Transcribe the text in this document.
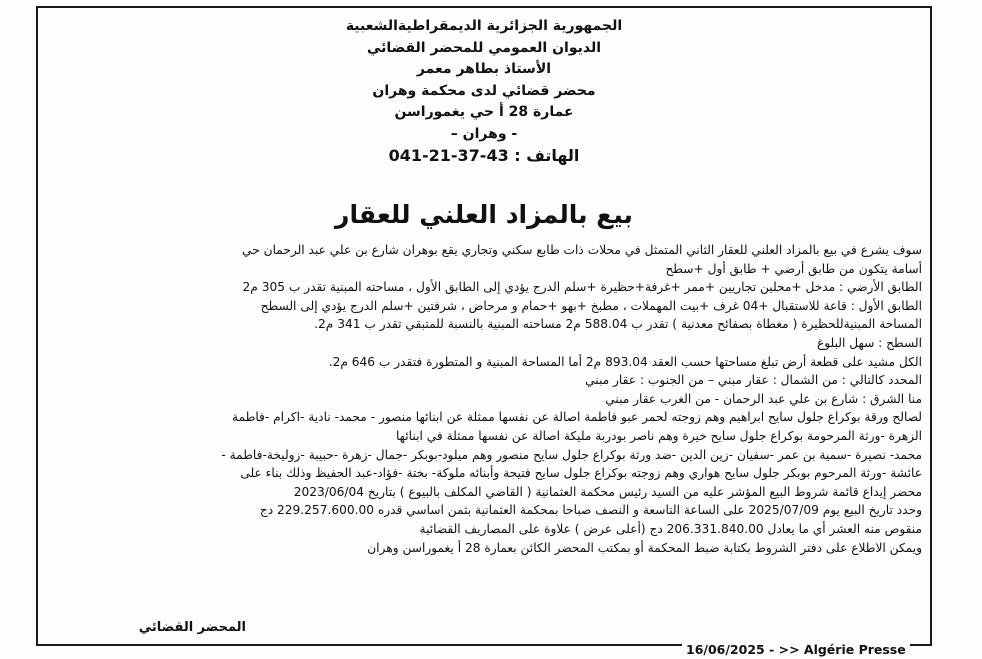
الجمهورية الجزائرية الديمقراطيةالشعبية
الديوان العمومي للمحضر القضائي
الأستاذ بطاهر معمر
محضر قضائي لدى محكمة وهران
عمارة 28 أ حي يغموراسن
- وهران –
الهاتف : 041-21-37-43
بيع بالمزاد العلني للعقار
سوف يشرع في بيع بالمزاد العلني للعقار الثاني المتمثل في محلات ذات طابع سكني وتجاري يقع بوهران شارع بن علي عبد الرحمان حي
أسامة يتكون من طابق أرضي + طابق أول +سطح
الطابق الأرضي : مدخل +محلين تجاريين +ممر +غرفة+حظيرة +سلم الدرج يؤدي إلى الطابق الأول ، مساحته المبنية تقدر ب 305 م2
الطابق الأول : قاعة للاستقبال +04 غرف +بيت المهملات ، مطبخ +بهو +حمام و مرحاض ، شرفتين +سلم الدرج يؤدي إلى السطح
المساحة المبنيةللحظيرة ( مغطاة بصفائح معدنية ) تقدر ب 588.04 م2 مساحته المبنية بالنسبة للمتبقي تقدر ب 341 م2.
السطح : سهل البلوغ
الكل مشيد على قطعة أرض تبلغ مساحتها حسب العقد 893.04 م2 أما المساحة المبنية و المتطورة فتقدر ب 646 م2.
المحدد كالتالي : من الشمال : عقار مبني – من الجنوب : عقار مبني
منا الشرق : شارع بن علي عبد الرحمان - من الغرب عقار مبني
لصالح ورقة بوكراع جلول سايح ابراهيم وهم زوجته لحمر عبو فاطمة اصالة عن نفسها ممثلة عن ابنائها منصور - محمد- نادية -اكرام -فاطمة
الزهرة -ورثة المرحومة بوكراع جلول سايح خيرة وهم ناصر بودربة مليكة اصالة عن نفسها ممثلة في ابنائها
محمد- نصيرة -سمية بن عمر -سفيان -زين الدين -ضد ورثة بوكراع جلول سايح منصور وهم ميلود-بوبكر -جمال -زهرة -حبيبة -زوليخة-فاطمة -
عائشة -ورثة المرحوم بوبكر جلول سايح هواري وهم زوجته بوكراع جلول سايح فتيحة وأبنائه ملوكة- بختة -فؤاد-عبد الحفيظ وذلك بناء على
محضر إيداع قائمة شروط البيع المؤشر عليه من السيد رئيس محكمة العثمانية ( القاضي المكلف بالبيوع ) بتاريخ 2023/06/04
وحدد تاريخ البيع يوم 2025/07/09 على الساعة التاسعة و النصف صباحا بمحكمة العثمانية بثمن اساسي قدره 229.257.600.00 دج
منقوص منه العشر أي ما يعادل 206.331.840.00 دج (أعلى عرض ) علاوة على المصاريف القضائية
ويمكن الاطلاع على دفتر الشروط بكتابة ضبط المحكمة أو بمكتب المحضر الكائن بعمارة 28 أ يغموراسن وهران
المحضر القضائي
16/06/2025 - >> Algérie Presse
